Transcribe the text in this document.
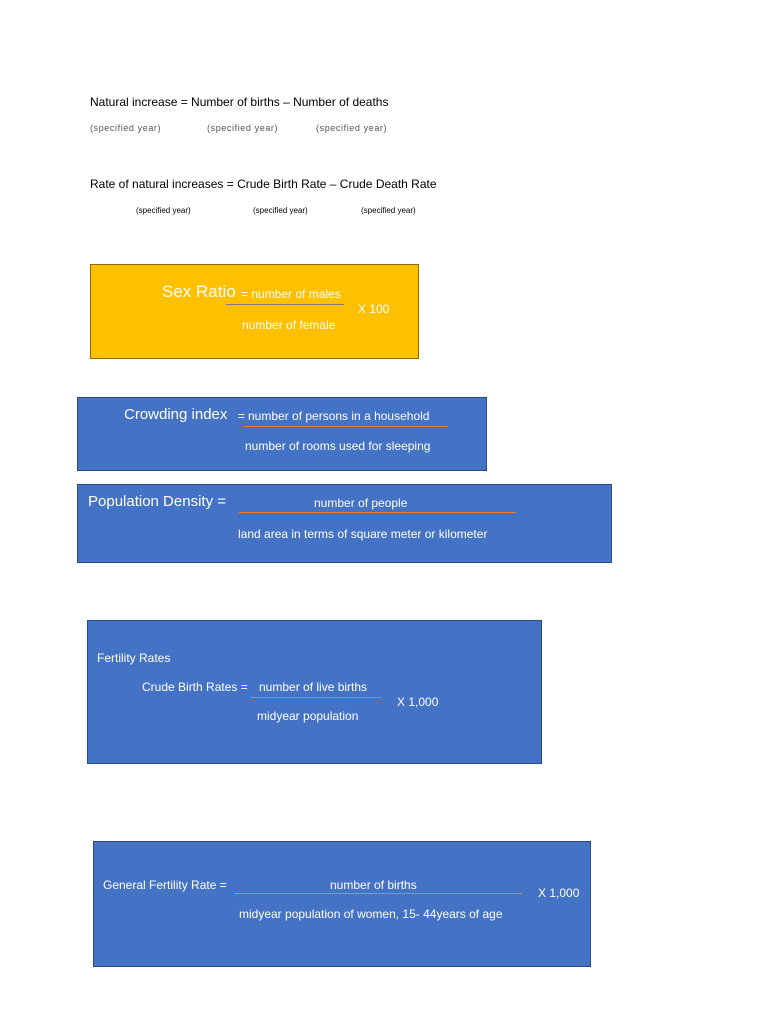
Natural increase = Number of births – Number of deaths
(specified year)	(specified year)	(specified year)
Rate of natural increases = Crude Birth Rate – Crude Death Rate
(specified year)	(specified year)	(specified year)
Sex Ratio = number of males
X 100
number of female
Crowding index = number of persons in a household
number of rooms used for sleeping
Population Density =	number of people
land area in terms of square meter or kilometer
Fertility Rates
Crude Birth Rates = number of live births
X 1,000
midyear population
General Fertility Rate =	number of births
X 1,000
midyear population of women, 15- 44years of age
